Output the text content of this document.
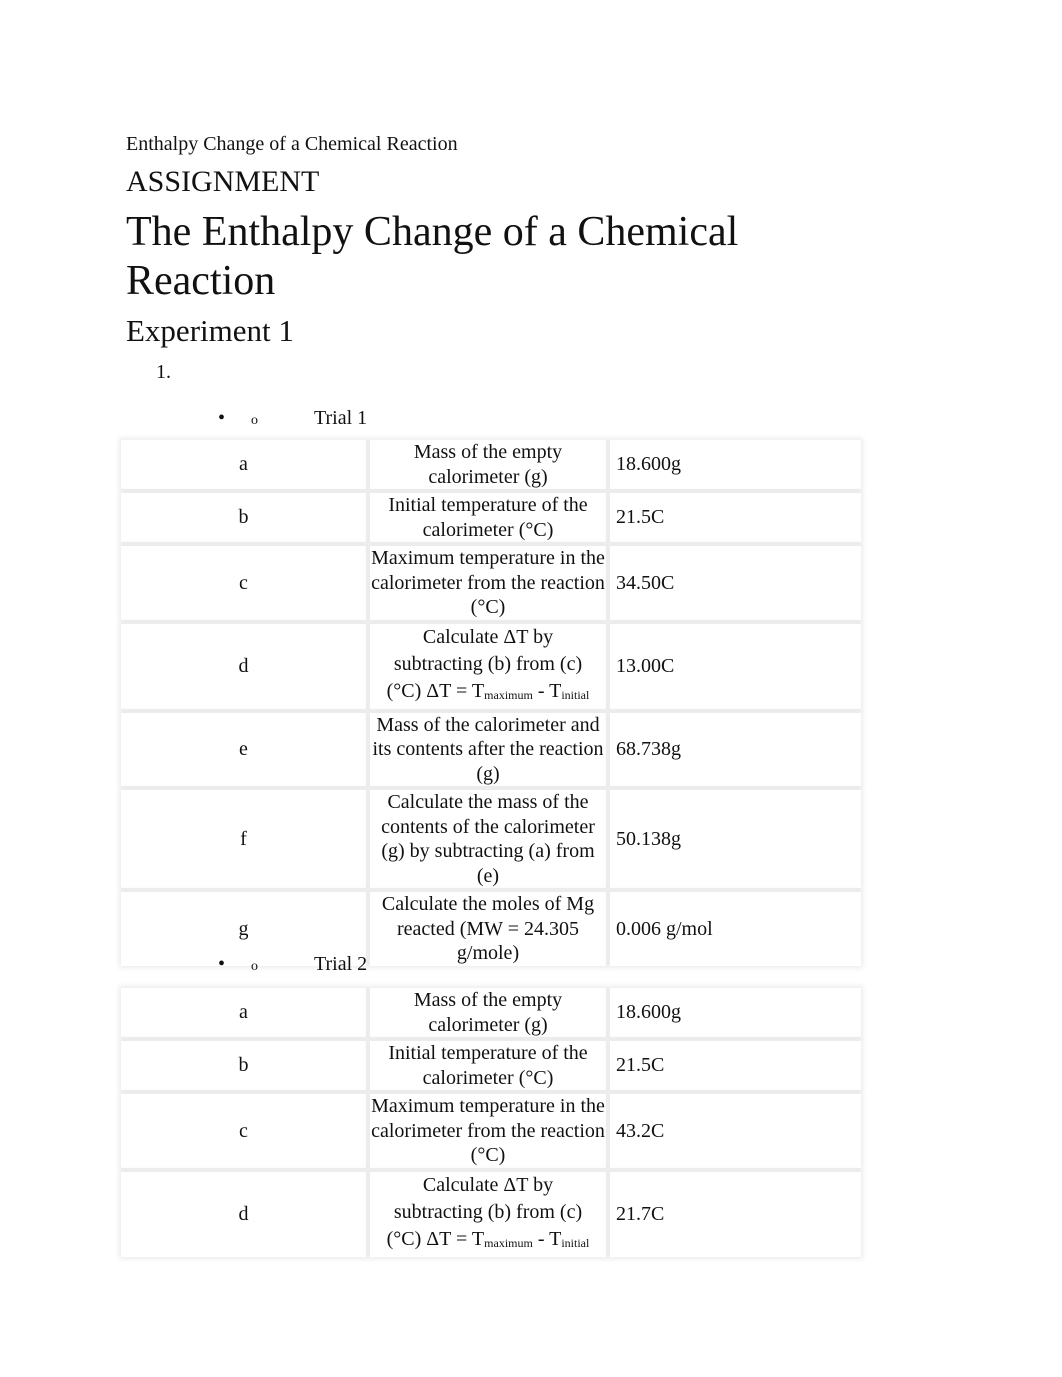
Enthalpy Change of a Chemical Reaction
ASSIGNMENT
The Enthalpy Change of a Chemical Reaction
Experiment 1
1.
• o	Trial 1
a	Mass of the empty calorimeter (g)	18.600g
b	Initial temperature of the calorimeter (°C)	21.5C
c	Maximum temperature in the calorimeter from the reaction (°C)	34.50C
d	Calculate ΔT by
subtracting (b) from (c)
(°C) $\Delta T = T_{maximum} - T_{initial}$	13.00C
e	Mass of the calorimeter and its contents after the reaction (g)	68.738g
f	Calculate the mass of the contents of the calorimeter (g) by subtracting (a) from (e)	50.138g
g	Calculate the moles of Mg reacted (MW = 24.305 g/mole)	0.006 g/mol
• o	Trial 2
a	Mass of the empty calorimeter (g)	18.600g
b	Initial temperature of the calorimeter (°C)	21.5C
c	Maximum temperature in the calorimeter from the reaction (°C)	43.2C
d	Calculate ΔT by
subtracting (b) from (c)
(°C) $\Delta T = T_{maximum} - T_{initial}$	21.7C
